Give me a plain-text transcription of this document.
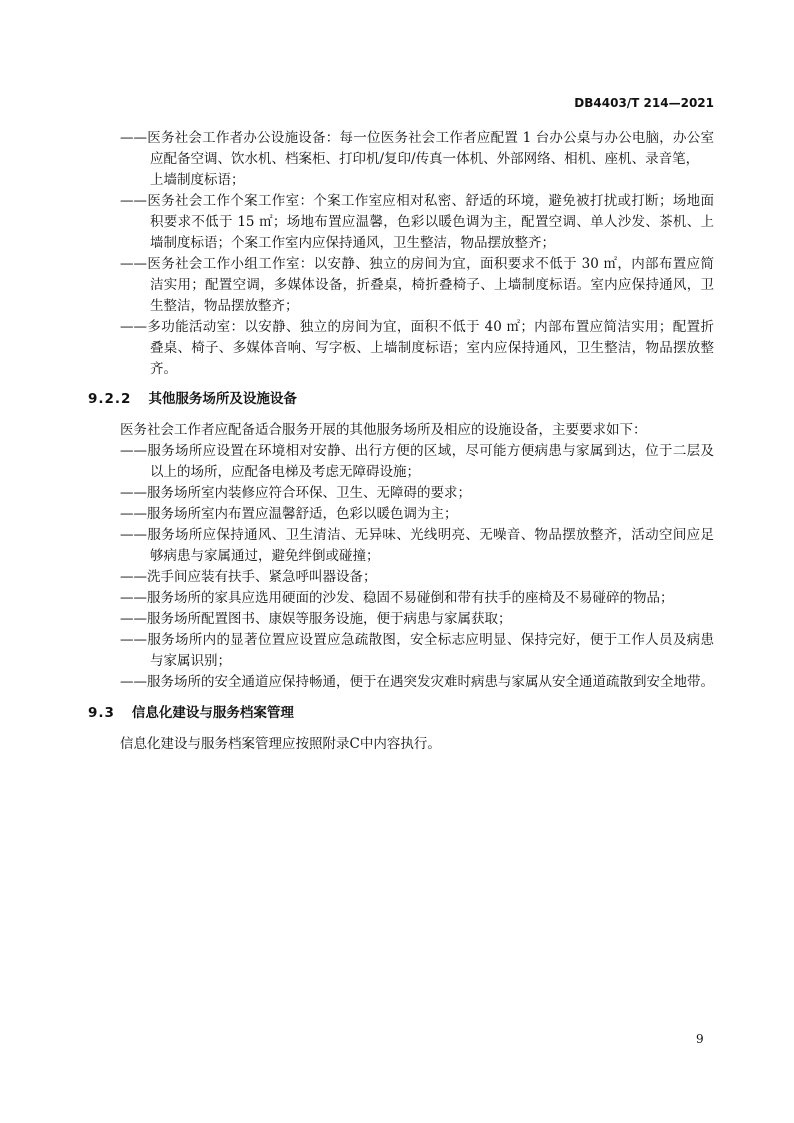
DB4403/T 214—2021
——医务社会工作者办公设施设备：每一位医务社会工作者应配置 1 台办公桌与办公电脑，办公室
应配备空调、饮水机、档案柜、打印机/复印/传真一体机、外部网络、相机、座机、录音笔，
上墙制度标语；
——医务社会工作个案工作室：个案工作室应相对私密、舒适的环境，避免被打扰或打断；场地面
积要求不低于 15 ㎡；场地布置应温馨，色彩以暖色调为主，配置空调、单人沙发、茶机、上
墙制度标语；个案工作室内应保持通风，卫生整洁，物品摆放整齐；
——医务社会工作小组工作室：以安静、独立的房间为宜，面积要求不低于 30 ㎡，内部布置应简
洁实用；配置空调，多媒体设备，折叠桌，椅折叠椅子、上墙制度标语。室内应保持通风，卫
生整洁，物品摆放整齐；
——多功能活动室：以安静、独立的房间为宜，面积不低于 40 ㎡；内部布置应简洁实用；配置折
叠桌、椅子、多媒体音响、写字板、上墙制度标语；室内应保持通风，卫生整洁，物品摆放整
齐。
9.2.2 其他服务场所及设施设备
医务社会工作者应配备适合服务开展的其他服务场所及相应的设施设备，主要要求如下：
——服务场所应设置在环境相对安静、出行方便的区域，尽可能方便病患与家属到达，位于二层及
以上的场所，应配备电梯及考虑无障碍设施；
——服务场所室内装修应符合环保、卫生、无障碍的要求；
——服务场所室内布置应温馨舒适，色彩以暖色调为主；
——服务场所应保持通风、卫生清洁、无异味、光线明亮、无噪音、物品摆放整齐，活动空间应足
够病患与家属通过，避免绊倒或碰撞；
——洗手间应装有扶手、紧急呼叫器设备；
——服务场所的家具应选用硬面的沙发、稳固不易碰倒和带有扶手的座椅及不易碰碎的物品；
——服务场所配置图书、康娱等服务设施，便于病患与家属获取；
——服务场所内的显著位置应设置应急疏散图，安全标志应明显、保持完好，便于工作人员及病患
与家属识别；
——服务场所的安全通道应保持畅通，便于在遇突发灾难时病患与家属从安全通道疏散到安全地带。
9.3 信息化建设与服务档案管理
信息化建设与服务档案管理应按照附录C中内容执行。
9
